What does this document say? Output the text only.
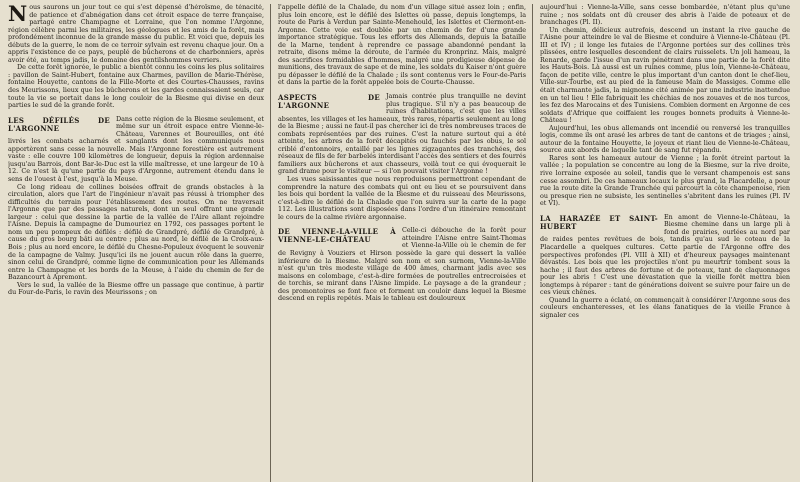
Nous saurons un jour tout ce qui s'est dépensé d'héroïsme, de ténacité, de patience et d'abnégation dans cet étroit espace de terre française, partagé entre Champagne et Lorraine, que l'on nomme l'Argonne, région célèbre parmi les militaires, les géologues et les amis de la forêt, mais profondément inconnue de la grande masse du public. Et voici que, depuis les débuts de la guerre, le nom de ce terroir sylvain est revenu chaque jour. On a appris l'existence de ce pays, peuplé de bûcherons et de charbonniers, après avoir été, au temps jadis, le domaine des gentilshommes verriers.

De cette forêt ignorée, le public a bientôt connu les coins les plus solitaires : pavillon de Saint-Hubert, fontaine aux Charmes, pavillon de Marie-Thérèse, fontaine Houyette, cantons de la Fille-Morte et des Courtes-Chausses, ravins des Meurissons, lieux que les bûcherons et les gardes connaissaient seuls, car toute la vie se portait dans le long couloir de la Biesme qui divise en deux parties le sud de la grande forêt.

LES DÉFILÉS DE L'ARGONNE
Dans cette région de la Biesme seulement, et même sur un étroit espace entre Vienne-le-Château, Varennes et Boureuilles, ont été livrés les combats acharnés et sanglants dont les communiqués nous apportèrent sans cesse la nouvelle. Mais l'Argonne forestière est autrement vaste : elle couvre 100 kilomètres de longueur, depuis la région ardennaise jusqu'au Barrois, dont Bar-le-Duc est la ville maîtresse, et une largeur de 10 à 12. Ce n'est là qu'une partie du pays d'Argonne, autrement étendu dans le sens de l'ouest à l'est, jusqu'à la Meuse.

Ce long rideau de collines boisées offrait de grands obstacles à la circulation, alors que l'art de l'ingénieur n'avait pas réussi à triompher des difficultés du terrain pour l'établissement des routes. On ne traversait l'Argonne que par des passages naturels, dont un seul offrant une grande largeur : celui que dessine la partie de la vallée de l'Aire allant rejoindre l'Aisne. Depuis la campagne de Dumouriez en 1792, ces passages portent le nom un peu pompeux de défilés : défilé de Grandpré, défilé de Grandpré, à cause du gros bourg bâti au centre ; plus au nord, le défilé de la Croix-aux-Bois ; plus au nord encore, le défilé du Chesne-Populeux évoquent le souvenir de la campagne de Valmy. Jusqu'ici ils ne jouent aucun rôle dans la guerre, sinon celui de Grandpré, comme ligne de communication pour les Allemands entre la Champagne et les bords de la Meuse, à l'aide du chemin de fer de Bazancourt à Apremont.

Vers le sud, la vallée de la Biesme offre un passage que continue, à partir du Four-de-Paris, le ravin des Meurissons ; on

l'appelle défilé de la Chalade, du nom d'un village situé assez loin ; enfin, plus loin encore, est le défilé des Islettes où passe, depuis longtemps, la route de Paris à Verdun par Sainte-Menehould, les Islettes et Clermont-en-Argonne. Cette voie est doublée par un chemin de fer d'une grande importance stratégique. Tous les efforts des Allemands, depuis la bataille de la Marne, tendent à reprendre ce passage abandonné pendant la retraite, disons même la déroute, de l'armée du Kronprinz. Mais, malgré des sacrifices formidables d'hommes, malgré une prodigieuse dépense de munitions, des travaux de sape et de mine, les soldats du Kaiser n'ont guère pu dépasser le défilé de la Chalade ; ils sont contenus vers le Four-de-Paris et dans la partie de la forêt appelée bois de Courte-Chausse.

ASPECTS DE L'ARGONNE
Jamais contrée plus tranquille ne devint plus tragique. S'il n'y a pas beaucoup de ruines d'habitations, c'est que les villes absentes, les villages et les hameaux, très rares, répartis seulement au long de la Biesme ; aussi ne faut-il pas chercher ici de très nombreuses traces de combats représentées par des ruines. C'est la nature surtout qui a été atteinte, les arbres de la forêt décapités ou fauchés par les obus, le sol criblé d'entonnoirs, entaillé par les lignes zigzagantes des tranchées, des réseaux de fils de fer barbelés interdisant l'accès des sentiers et des fourrés familiers aux bûcherons et aux chasseurs, voilà tout ce qui évoquerait le grand drame pour le visiteur — si l'on pouvait visiter l'Argonne !

Les vues saisissantes que nous reproduisons permettront cependant de comprendre la nature des combats qui ont eu lieu et se poursuivent dans les bois qui bordent la vallée de la Biesme et du ruisseau des Meurissons, c'est-à-dire le défilé de la Chalade que l'on suivra sur la carte de la page 112. Les illustrations sont disposées dans l'ordre d'un itinéraire remontant le cours de la calme rivière argonnaise.

DE VIENNE-LA-VILLE À VIENNE-LE-CHÂTEAU
Celle-ci débouche de la forêt pour atteindre l'Aisne entre Saint-Thomas et Vienne-la-Ville où le chemin de fer de Revigny à Vouziers et Hirson possède la gare qui dessert la vallée inférieure de la Biesme. Malgré son nom et son surnom, Vienne-la-Ville n'est qu'un très modeste village de 400 âmes, charmant jadis avec ses maisons en colombage, c'est-à-dire formées de poutrelles entrecroisées et de torchis, se mirant dans l'Aisne limpide. Le paysage a de la grandeur ; des promontoires se font face et forment un couloir dans lequel la Biesme descend en replis repétés. Mais le tableau est douloureux

aujourd'hui : Vienne-la-Ville, sans cesse bombardée, n'étant plus qu'une ruine ; nos soldats ont dû creuser des abris à l'aide de poteaux et de branchages (Pl. II).

Un chemin, délicieux autrefois, descend un instant la rive gauche de l'Aisne pour atteindre le val de Biesme et conduire à Vienne-le-Château (Pl. III et IV) ; il longe les futaies de l'Argonne portées sur des collines très plissées, entre lesquelles descendent de clairs ruisselets. Un joli hameau, la Renarde, garde l'issue d'un ravin pénétrant dans une partie de la forêt dite les Hauts-Bois. Là aussi est un ruines comme, plus loin, Vienne-le-Château, façon de petite ville, centre le plus important d'un canton dont le chef-lieu, Ville-sur-Tourbe, est au pied de la fameuse Main de Massiges. Comme elle était charmante jadis, la mignonne cité animée par une industrie inattendue en un tel lieu ! Elle fabriquait les chéchias de nos zouaves et de nos turcos, les fez des Marocains et des Tunisiens. Combien dorment en Argonne de ces soldats d'Afrique que coiffaient les rouges bonnets produits à Vienne-le-Château !

Aujourd'hui, les obus allemands ont incendié ou renversé les tranquilles logis, comme ils ont arasé les arbres de tant de cantons et de triages ; ainsi, autour de la fontaine Houyette, le joyeux et riant lieu de Vienne-le-Château, source aux abords de laquelle tant de sang fut répandu.

Rares sont les hameaux autour de Vienne ; la forêt étreint partout la vallée ; la population se concentre au long de la Biesme, sur la rive droite, rive lorraine exposée au soleil, tandis que le versant champenois est sans cesse assombri. De ces hameaux locaux le plus grand, la Placardelle, a pour rue la route dite la Grande Tranchée qui parcourt la côte champenoise, rien ou presque rien ne subsiste, les sentinelles s'abritent dans les ruines (Pl. IV et VI).

LA HARAZÉE ET SAINT-HUBERT
En amont de Vienne-le-Château, la Biesme chemine dans un large pli à fond de prairies, ourlées au nord par de raides pentes revêtues de bois, tandis qu'au sud le coteau de la Placardelle a quelques cultures. Cette partie de l'Argonne offre des perspectives profondes (Pl. VIII à XII) et d'heureux paysages maintenant dévastés. Les bois que les projectiles n'ont pu meurtrir tombent sous la hache ; il faut des arbres de fortune et de poteaux, tant de claquonnages pour les abris ! C'est une dévastation que la vieille forêt mettra bien longtemps à réparer : tant de générations doivent se suivre pour faire un de ces vieux chênes.

Quand la guerre a éclaté, on commençait à considérer l'Argonne sous des couleurs enchanteresses, et les élans fanatiques de la vieille France à signaler ces
